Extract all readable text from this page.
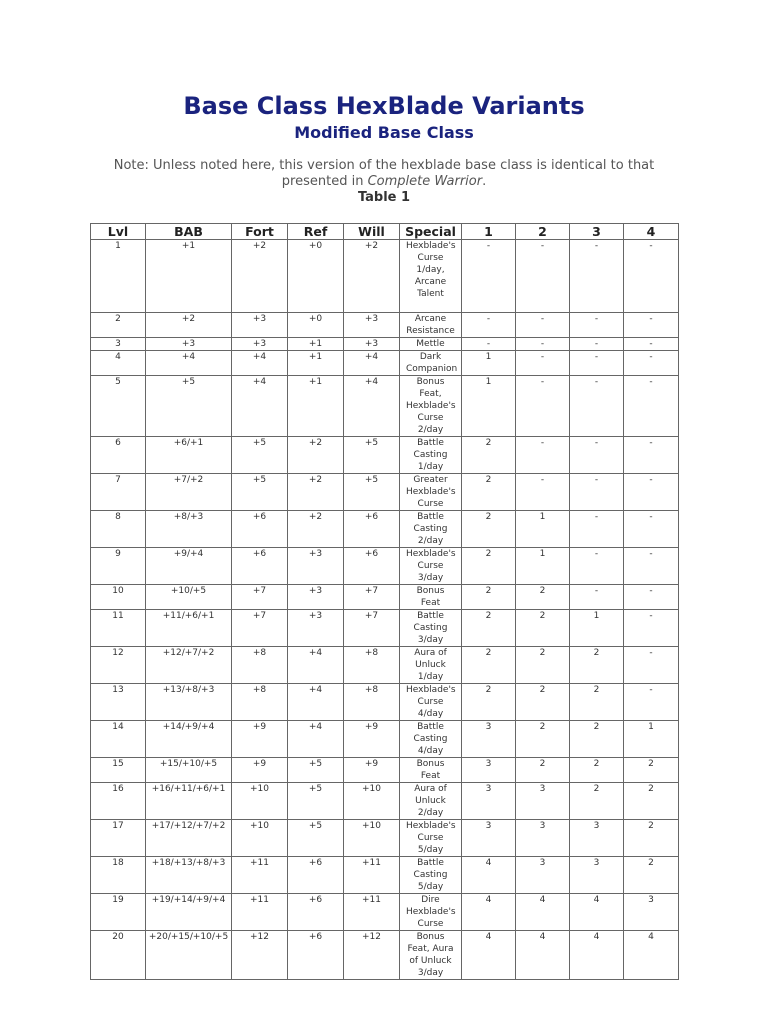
Base Class HexBlade Variants
Modified Base Class

Note: Unless noted here, this version of the hexblade base class is identical to that presented in Complete Warrior.

Table 1
Lvl	BAB	Fort	Ref	Will	Special	1	2	3	4
1	+1	+2	+0	+2	Hexblade's Curse 1/day, Arcane Talent	-	-	-	-
2	+2	+3	+0	+3	Arcane Resistance	-	-	-	-
3	+3	+3	+1	+3	Mettle	-	-	-	-
4	+4	+4	+1	+4	Dark Companion	1	-	-	-
5	+5	+4	+1	+4	Bonus Feat, Hexblade's Curse 2/day	1	-	-	-
6	+6/+1	+5	+2	+5	Battle Casting 1/day	2	-	-	-
7	+7/+2	+5	+2	+5	Greater Hexblade's Curse	2	-	-	-
8	+8/+3	+6	+2	+6	Battle Casting 2/day	2	1	-	-
9	+9/+4	+6	+3	+6	Hexblade's Curse 3/day	2	1	-	-
10	+10/+5	+7	+3	+7	Bonus Feat	2	2	-	-
11	+11/+6/+1	+7	+3	+7	Battle Casting 3/day	2	2	1	-
12	+12/+7/+2	+8	+4	+8	Aura of Unluck 1/day	2	2	2	-
13	+13/+8/+3	+8	+4	+8	Hexblade's Curse 4/day	2	2	2	-
14	+14/+9/+4	+9	+4	+9	Battle Casting 4/day	3	2	2	1
15	+15/+10/+5	+9	+5	+9	Bonus Feat	3	2	2	2
16	+16/+11/+6/+1	+10	+5	+10	Aura of Unluck 2/day	3	3	2	2
17	+17/+12/+7/+2	+10	+5	+10	Hexblade's Curse 5/day	3	3	3	2
18	+18/+13/+8/+3	+11	+6	+11	Battle Casting 5/day	4	3	3	2
19	+19/+14/+9/+4	+11	+6	+11	Dire Hexblade's Curse	4	4	4	3
20	+20/+15/+10/+5	+12	+6	+12	Bonus Feat, Aura of Unluck 3/day	4	4	4	4
